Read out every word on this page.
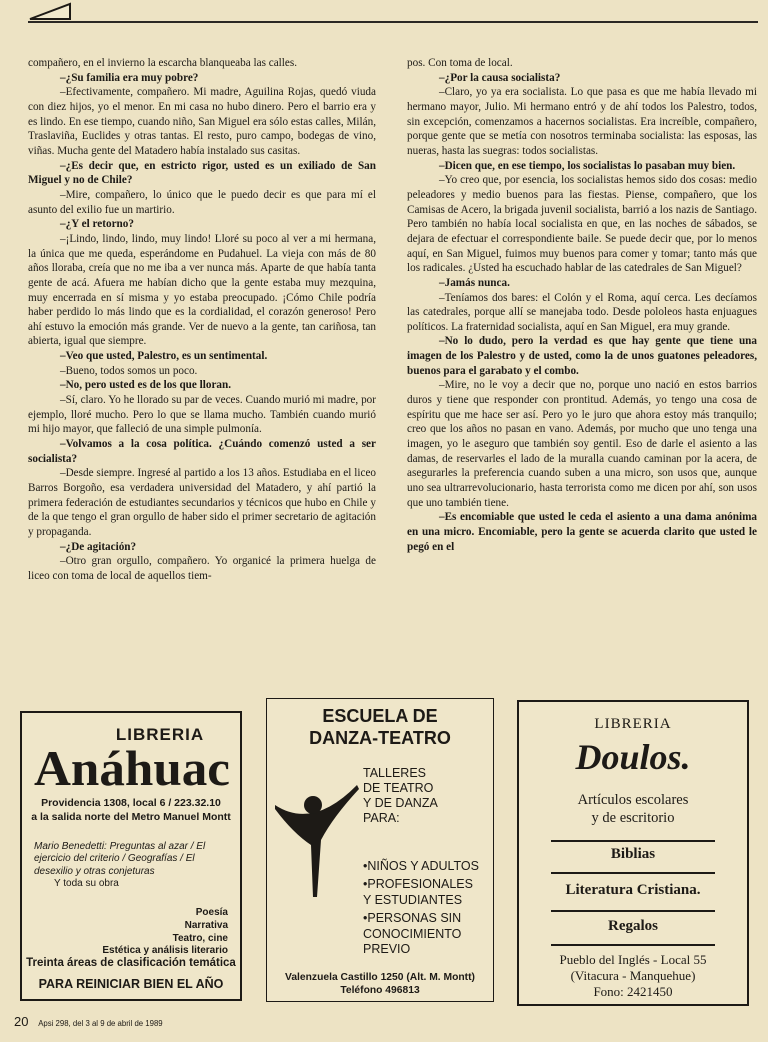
compañero, en el invierno la escarcha blanqueaba las calles.

–¿Su familia era muy pobre?

–Efectivamente, compañero. Mi madre, Aguilina Rojas, quedó viuda con diez hijos, yo el menor. En mi casa no hubo dinero. Pero el barrio era y es lindo. En ese tiempo, cuando niño, San Miguel era sólo estas calles, Milán, Traslaviña, Euclides y otras tantas. El resto, puro campo, bodegas de vino, viñas. Mucha gente del Matadero había instalado sus casitas.

–¿Es decir que, en estricto rigor, usted es un exiliado de San Miguel y no de Chile?

–Mire, compañero, lo único que le puedo decir es que para mí el asunto del exilio fue un martirio.

–¿Y el retorno?

–¡Lindo, lindo, lindo, muy lindo! Lloré su poco al ver a mi hermana, la única que me queda, esperándome en Pudahuel. La vieja con más de 80 años lloraba, creía que no me iba a ver nunca más. Aparte de que había tanta gente de acá. Afuera me habían dicho que la gente estaba muy mezquina, muy encerrada en sí misma y yo estaba preocupado. ¡Cómo Chile podría haber perdido lo más lindo que es la cordialidad, el corazón generoso! Pero ahí estuvo la emoción más grande. Ver de nuevo a la gente, tan cariñosa, tan abierta, igual que siempre.

–Veo que usted, Palestro, es un sentimental.

–Bueno, todos somos un poco.

–No, pero usted es de los que lloran.

–Sí, claro. Yo he llorado su par de veces. Cuando murió mi madre, por ejemplo, lloré mucho. Pero lo que se llama mucho. También cuando murió mi hijo mayor, que falleció de una simple pulmonía.

–Volvamos a la cosa política. ¿Cuándo comenzó usted a ser socialista?

–Desde siempre. Ingresé al partido a los 13 años. Estudiaba en el liceo Barros Borgoño, esa verdadera universidad del Matadero, y ahí partió la primera federación de estudiantes secundarios y técnicos que hubo en Chile y de la que tengo el gran orgullo de haber sido el primer secretario de agitación y propaganda.

–¿De agitación?

–Otro gran orgullo, compañero. Yo organicé la primera huelga de liceo con toma de local de aquellos tiem-

pos. Con toma de local.

–¿Por la causa socialista?

–Claro, yo ya era socialista. Lo que pasa es que me había llevado mi hermano mayor, Julio. Mi hermano entró y de ahí todos los Palestro, todos, sin excepción, comenzamos a hacernos socialistas. Era increíble, compañero, porque gente que se metía con nosotros terminaba socialista: las esposas, las nueras, hasta las suegras: todos socialistas.

–Dicen que, en ese tiempo, los socialistas lo pasaban muy bien.

–Yo creo que, por esencia, los socialistas hemos sido dos cosas: medio peleadores y medio buenos para las fiestas. Piense, compañero, que los Camisas de Acero, la brigada juvenil socialista, barrió a los nazis de Santiago. Pero también no había local socialista en que, en las noches de sábados, se dejara de efectuar el correspondiente baile. Se puede decir que, por lo menos aquí, en San Miguel, fuimos muy buenos para comer y tomar; tanto más que los radicales. ¿Usted ha escuchado hablar de las catedrales de San Miguel?

–Jamás nunca.

–Teníamos dos bares: el Colón y el Roma, aquí cerca. Les decíamos las catedrales, porque allí se manejaba todo. Desde pololeos hasta enjuagues políticos. La fraternidad socialista, aquí en San Miguel, era muy grande.

–No lo dudo, pero la verdad es que hay gente que tiene una imagen de los Palestro y de usted, como la de unos guatones peleadores, buenos para el garabato y el combo.

–Mire, no le voy a decir que no, porque uno nació en estos barrios duros y tiene que responder con prontitud. Además, yo tengo una cosa de espíritu que me hace ser así. Pero yo le juro que ahora estoy más tranquilo; creo que los años no pasan en vano. Además, por mucho que uno tenga una imagen, yo le aseguro que también soy gentil. Eso de darle el asiento a las damas, de reservarles el lado de la muralla cuando caminan por la acera, de asegurarles la preferencia cuando suben a una micro, son usos que, aunque uno sea ultrarrevolucionario, hasta terrorista como me dicen por ahí, son usos que uno también tiene.

–Es encomiable que usted le ceda el asiento a una dama anónima en una micro. Encomiable, pero la gente se acuerda clarito que usted le pegó en el

LIBRERIA
Anáhuac
Providencia 1308, local 6 / 223.32.10
a la salida norte del Metro Manuel Montt
Mario Benedetti: Preguntas al azar / El ejercicio del criterio / Geografías / El desexilio y otras conjeturas
Y toda su obra
Poesía
Narrativa
Teatro, cine
Estética y análisis literario
Treinta áreas de clasificación temática
PARA REINICIAR BIEN EL AÑO
ESCUELA DE
DANZA-TEATRO
TALLERES
DE TEATRO
Y DE DANZA
PARA:
•NIÑOS Y ADULTOS
•PROFESIONALES Y ESTUDIANTES
•PERSONAS SIN CONOCIMIENTO PREVIO
Valenzuela Castillo 1250 (Alt. M. Montt)
Teléfono 496813
LIBRERIA
Doulos.
Artículos escolares
y de escritorio
Biblias
Literatura Cristiana.
Regalos
Pueblo del Inglés - Local 55
(Vitacura - Manquehue)
Fono: 2421450
20 Apsi 298, del 3 al 9 de abril de 1989
